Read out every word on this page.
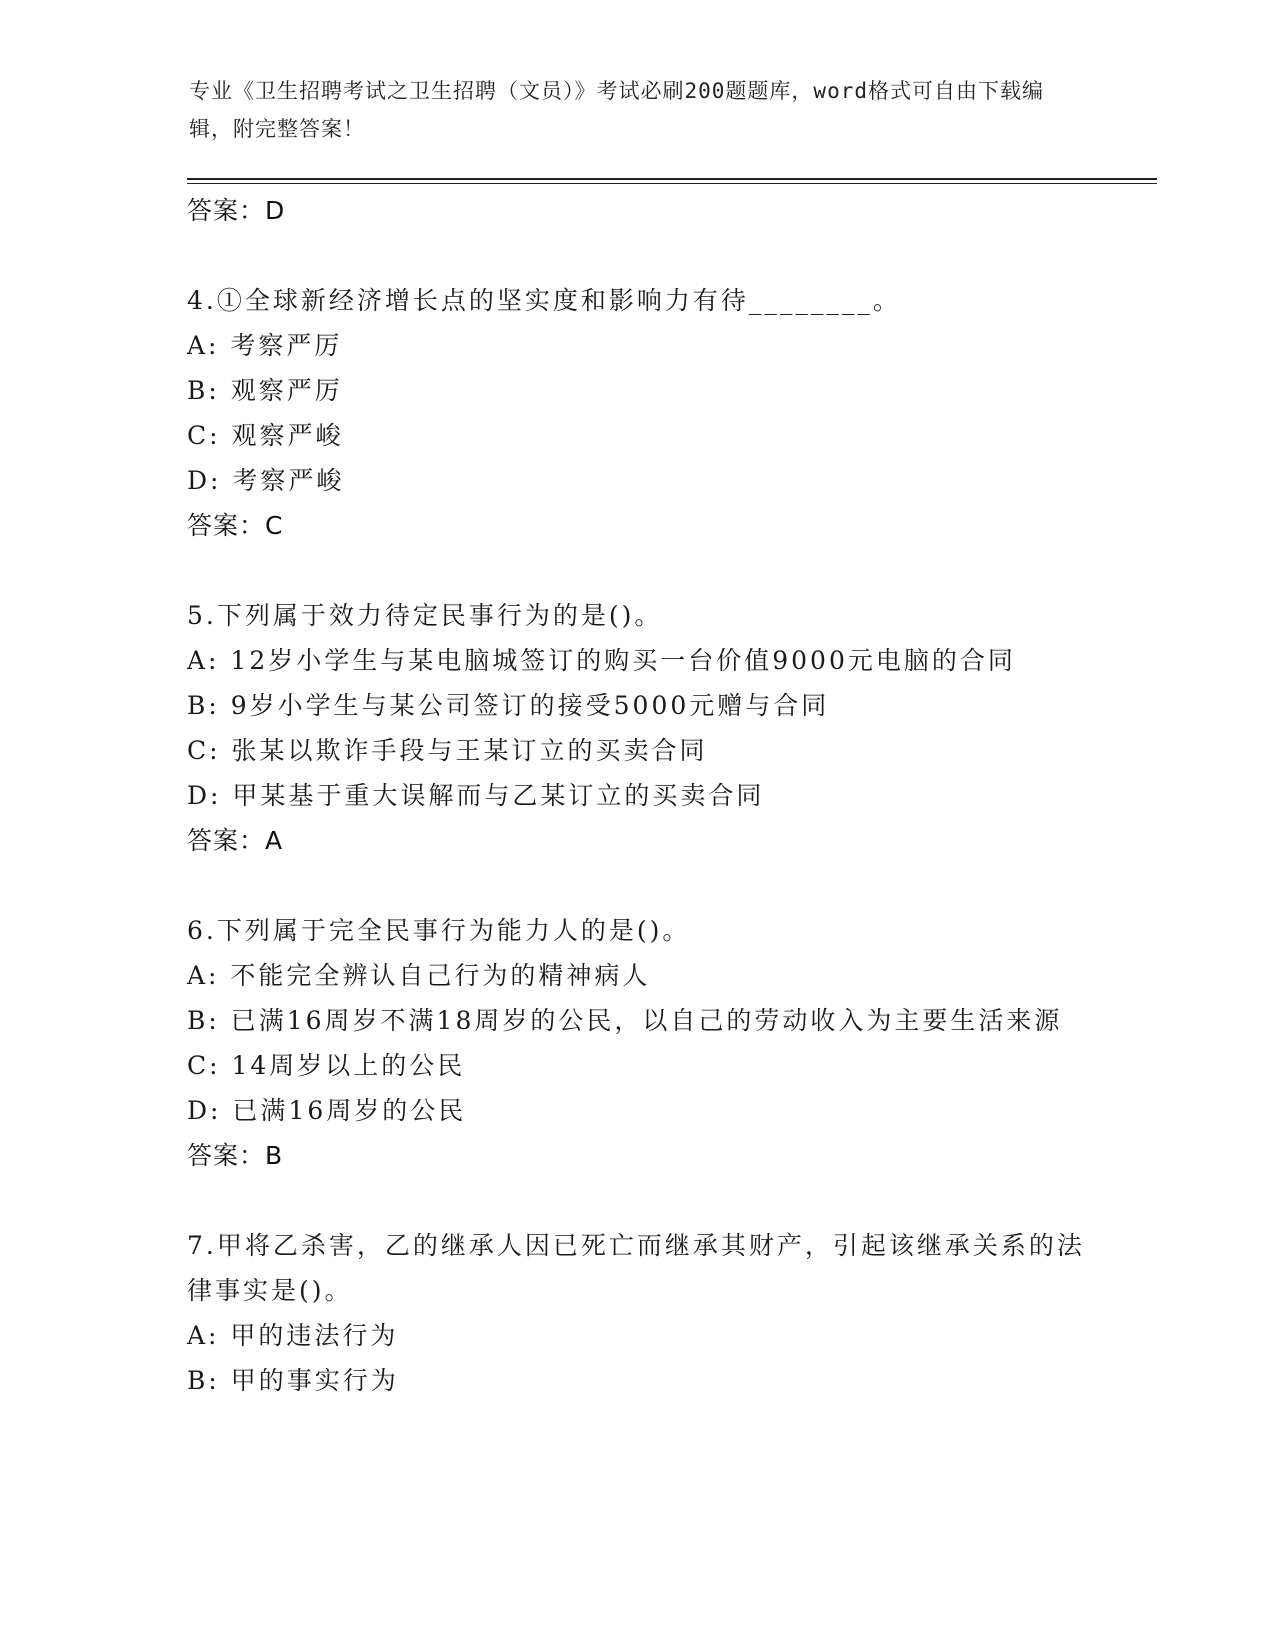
专业《卫生招聘考试之卫生招聘（文员）》考试必刷200题题库，word格式可自由下载编辑，附完整答案！

答案：D

4.①全球新经济增长点的坚实度和影响力有待________。

A: 考察严厉

B: 观察严厉

C: 观察严峻

D: 考察严峻

答案：C

5.下列属于效力待定民事行为的是()。

A: 12岁小学生与某电脑城签订的购买一台价值9000元电脑的合同

B: 9岁小学生与某公司签订的接受5000元赠与合同

C: 张某以欺诈手段与王某订立的买卖合同

D: 甲某基于重大误解而与乙某订立的买卖合同

答案：A

6.下列属于完全民事行为能力人的是()。

A: 不能完全辨认自己行为的精神病人

B: 已满16周岁不满18周岁的公民，以自己的劳动收入为主要生活来源

C: 14周岁以上的公民

D: 已满16周岁的公民

答案：B

7.甲将乙杀害，乙的继承人因已死亡而继承其财产，引起该继承关系的法律事实是()。

A: 甲的违法行为

B: 甲的事实行为
